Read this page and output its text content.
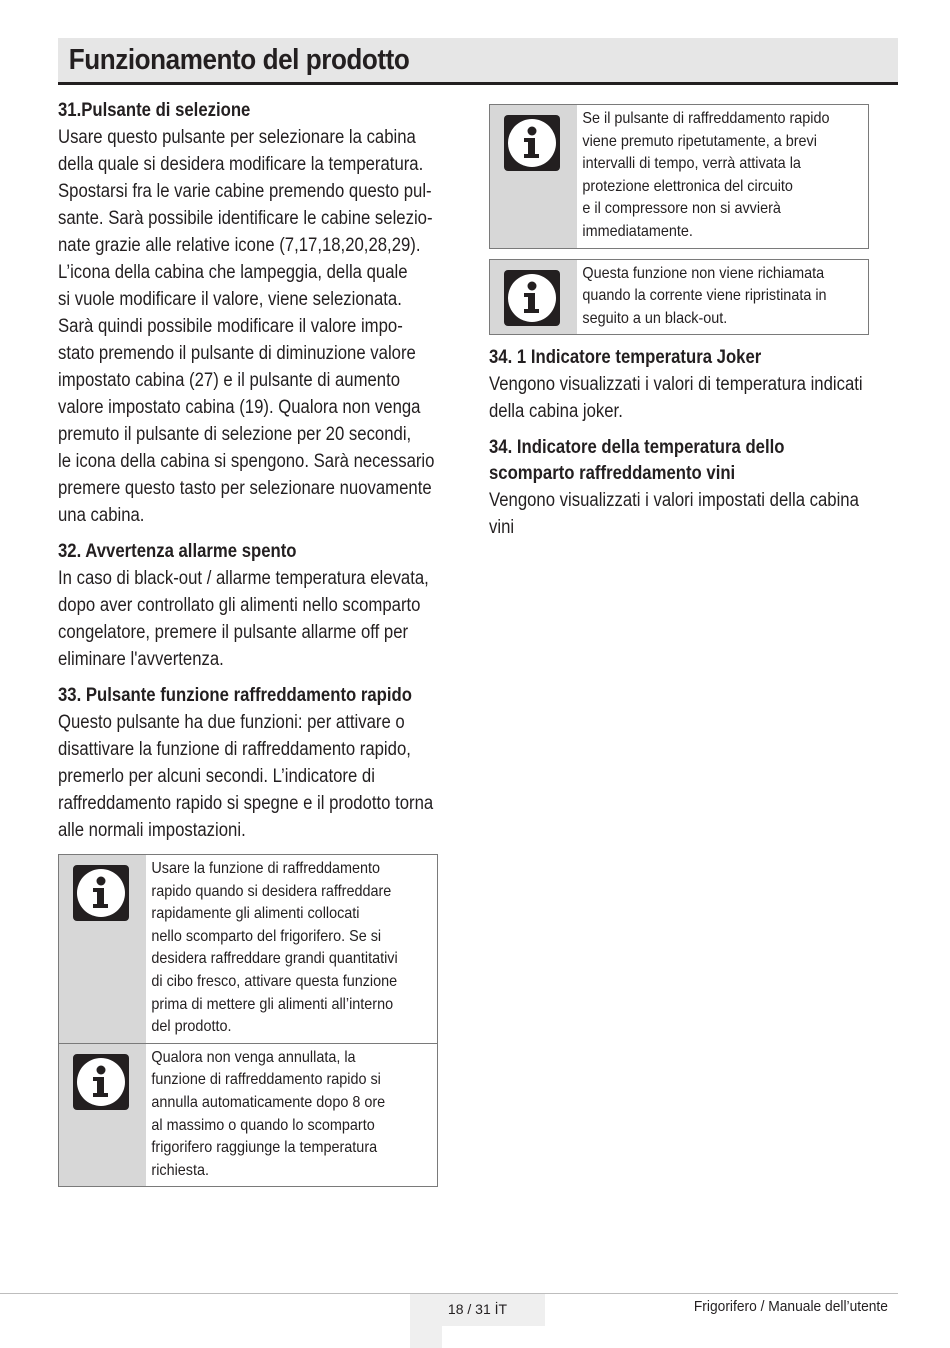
Funzionamento del prodotto
31.Pulsante di selezione

Usare questo pulsante per selezionare la cabina
della quale si desidera modificare la temperatura.
Spostarsi fra le varie cabine premendo questo pul-
sante. Sarà possibile identificare le cabine selezio-
nate grazie alle relative icone (7,17,18,20,28,29).
L’icona della cabina che lampeggia, della quale
si vuole modificare il valore, viene selezionata.
Sarà quindi possibile modificare il valore impo-
stato premendo il pulsante di diminuzione valore
impostato cabina (27) e il pulsante di aumento
valore impostato cabina (19). Qualora non venga
premuto il pulsante di selezione per 20 secondi,
le icona della cabina si spengono. Sarà necessario
premere questo tasto per selezionare nuovamente
una cabina.

32. Avvertenza allarme spento

In caso di black-out / allarme temperatura elevata,
dopo aver controllato gli alimenti nello scomparto
congelatore, premere il pulsante allarme off per
eliminare l'avvertenza.

33. Pulsante funzione raffreddamento rapido

Questo pulsante ha due funzioni: per attivare o
disattivare la funzione di raffreddamento rapido,
premerlo per alcuni secondi. L’indicatore di
raffreddamento rapido si spegne e il prodotto torna
alle normali impostazioni.

Usare la funzione di raffreddamento
rapido quando si desidera raffreddare
rapidamente gli alimenti collocati
nello scomparto del frigorifero. Se si
desidera raffreddare grandi quantitativi
di cibo fresco, attivare questa funzione
prima di mettere gli alimenti all’interno
del prodotto.
Qualora non venga annullata, la
funzione di raffreddamento rapido si
annulla automaticamente dopo 8 ore
al massimo o quando lo scomparto
frigorifero raggiunge la temperatura
richiesta.
Se il pulsante di raffreddamento rapido
viene premuto ripetutamente, a brevi
intervalli di tempo, verrà attivata la
protezione elettronica del circuito
e il compressore non si avvierà
immediatamente.
Questa funzione non viene richiamata
quando la corrente viene ripristinata in
seguito a un black-out.
34. 1 Indicatore temperatura Joker

Vengono visualizzati i valori di temperatura indicati
della cabina joker.

34. Indicatore della temperatura dello
scomparto raffreddamento vini

Vengono visualizzati i valori impostati della cabina
vini

18 / 31 İT	Frigorifero / Manuale dell’utente
